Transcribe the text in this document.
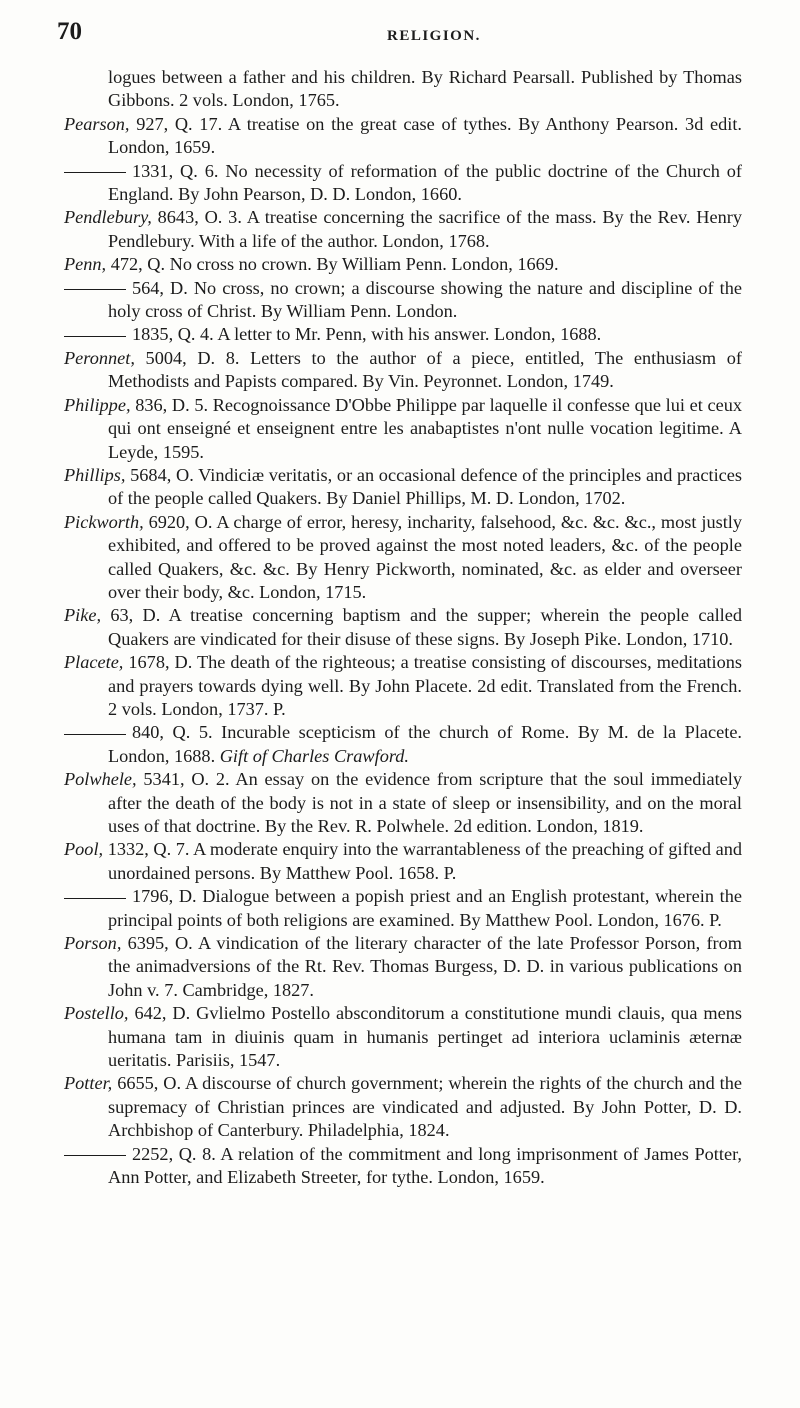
70	RELIGION.

logues between a father and his children. By Richard Pearsall. Published by Thomas Gibbons. 2 vols. London, 1765.

Pearson, 927, Q. 17. A treatise on the great case of tythes. By Anthony Pearson. 3d edit. London, 1659.

1331, Q. 6. No necessity of reformation of the public doctrine of the Church of England. By John Pearson, D. D. London, 1660.

Pendlebury, 8643, O. 3. A treatise concerning the sacrifice of the mass. By the Rev. Henry Pendlebury. With a life of the author. London, 1768.

Penn, 472, Q. No cross no crown. By William Penn. London, 1669.

564, D. No cross, no crown; a discourse showing the nature and discipline of the holy cross of Christ. By William Penn. London.

1835, Q. 4. A letter to Mr. Penn, with his answer. London, 1688.

Peronnet, 5004, D. 8. Letters to the author of a piece, entitled, The enthusiasm of Methodists and Papists compared. By Vin. Peyronnet. London, 1749.

Philippe, 836, D. 5. Recognoissance D'Obbe Philippe par laquelle il confesse que lui et ceux qui ont enseigné et enseignent entre les anabaptistes n'ont nulle vocation legitime. A Leyde, 1595.

Phillips, 5684, O. Vindiciæ veritatis, or an occasional defence of the principles and practices of the people called Quakers. By Daniel Phillips, M. D. London, 1702.

Pickworth, 6920, O. A charge of error, heresy, incharity, falsehood, &c. &c. &c., most justly exhibited, and offered to be proved against the most noted leaders, &c. of the people called Quakers, &c. &c. By Henry Pickworth, nominated, &c. as elder and overseer over their body, &c. London, 1715.

Pike, 63, D. A treatise concerning baptism and the supper; wherein the people called Quakers are vindicated for their disuse of these signs. By Joseph Pike. London, 1710.

Placete, 1678, D. The death of the righteous; a treatise consisting of discourses, meditations and prayers towards dying well. By John Placete. 2d edit. Translated from the French. 2 vols. London, 1737. P.

840, Q. 5. Incurable scepticism of the church of Rome. By M. de la Placete. London, 1688. Gift of Charles Crawford.

Polwhele, 5341, O. 2. An essay on the evidence from scripture that the soul immediately after the death of the body is not in a state of sleep or insensibility, and on the moral uses of that doctrine. By the Rev. R. Polwhele. 2d edition. London, 1819.

Pool, 1332, Q. 7. A moderate enquiry into the warrantableness of the preaching of gifted and unordained persons. By Matthew Pool. 1658. P.

1796, D. Dialogue between a popish priest and an English protestant, wherein the principal points of both religions are examined. By Matthew Pool. London, 1676. P.

Porson, 6395, O. A vindication of the literary character of the late Professor Porson, from the animadversions of the Rt. Rev. Thomas Burgess, D. D. in various publications on John v. 7. Cambridge, 1827.

Postello, 642, D. Gvlielmo Postello absconditorum a constitutione mundi clauis, qua mens humana tam in diuinis quam in humanis pertinget ad interiora uclaminis æternæ ueritatis. Parisiis, 1547.

Potter, 6655, O. A discourse of church government; wherein the rights of the church and the supremacy of Christian princes are vindicated and adjusted. By John Potter, D. D. Archbishop of Canterbury. Philadelphia, 1824.

2252, Q. 8. A relation of the commitment and long imprisonment of James Potter, Ann Potter, and Elizabeth Streeter, for tythe. London, 1659.
